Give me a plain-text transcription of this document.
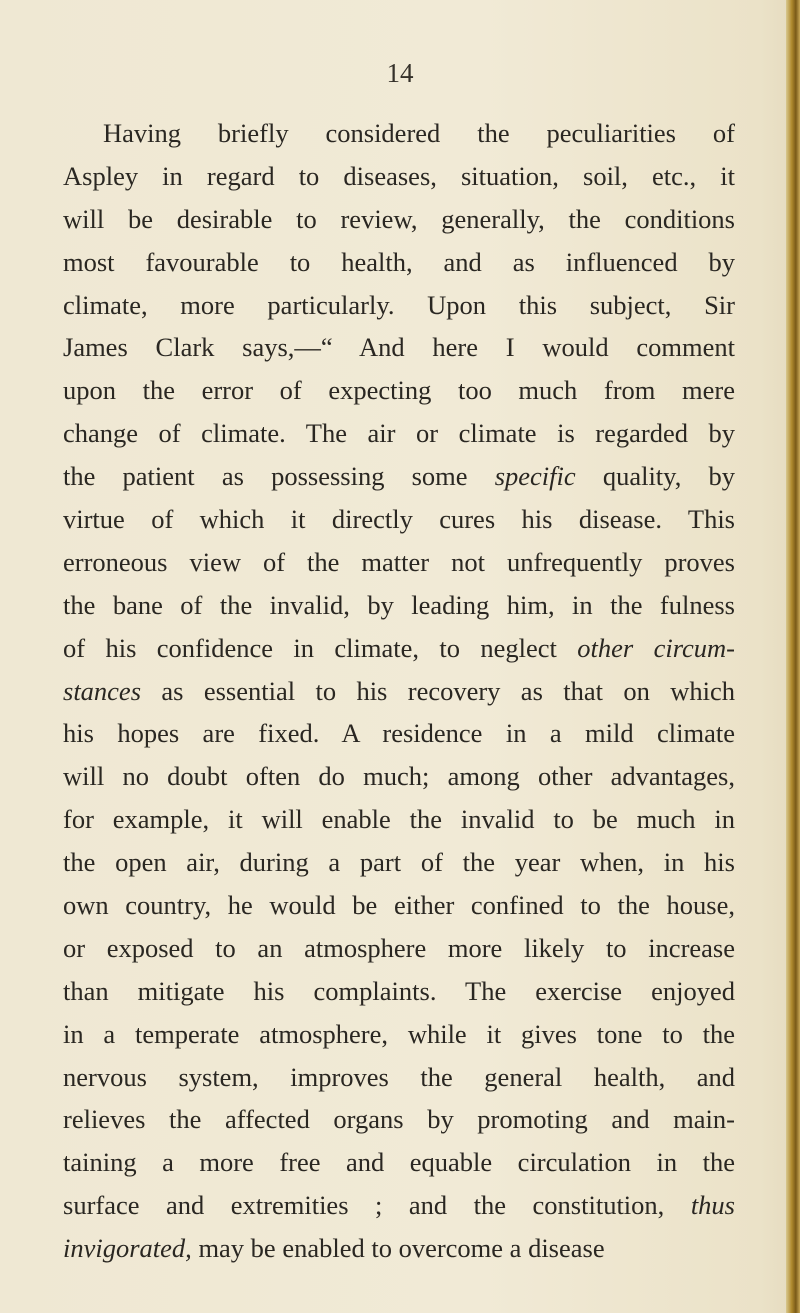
14
Having briefly considered the peculiarities of
Aspley in regard to diseases, situation, soil, etc., it
will be desirable to review, generally, the conditions
most favourable to health, and as influenced by
climate, more particularly. Upon this subject, Sir
James Clark says,—“ And here I would comment
upon the error of expecting too much from mere
change of climate. The air or climate is regarded by
the patient as possessing some specific quality, by
virtue of which it directly cures his disease. This
erroneous view of the matter not unfrequently proves
the bane of the invalid, by leading him, in the fulness
of his confidence in climate, to neglect other circum-
stances as essential to his recovery as that on which
his hopes are fixed. A residence in a mild climate
will no doubt often do much; among other advantages,
for example, it will enable the invalid to be much in
the open air, during a part of the year when, in his
own country, he would be either confined to the house,
or exposed to an atmosphere more likely to increase
than mitigate his complaints. The exercise enjoyed
in a temperate atmosphere, while it gives tone to the
nervous system, improves the general health, and
relieves the affected organs by promoting and main-
taining a more free and equable circulation in the
surface and extremities ; and the constitution, thus
invigorated, may be enabled to overcome a disease
